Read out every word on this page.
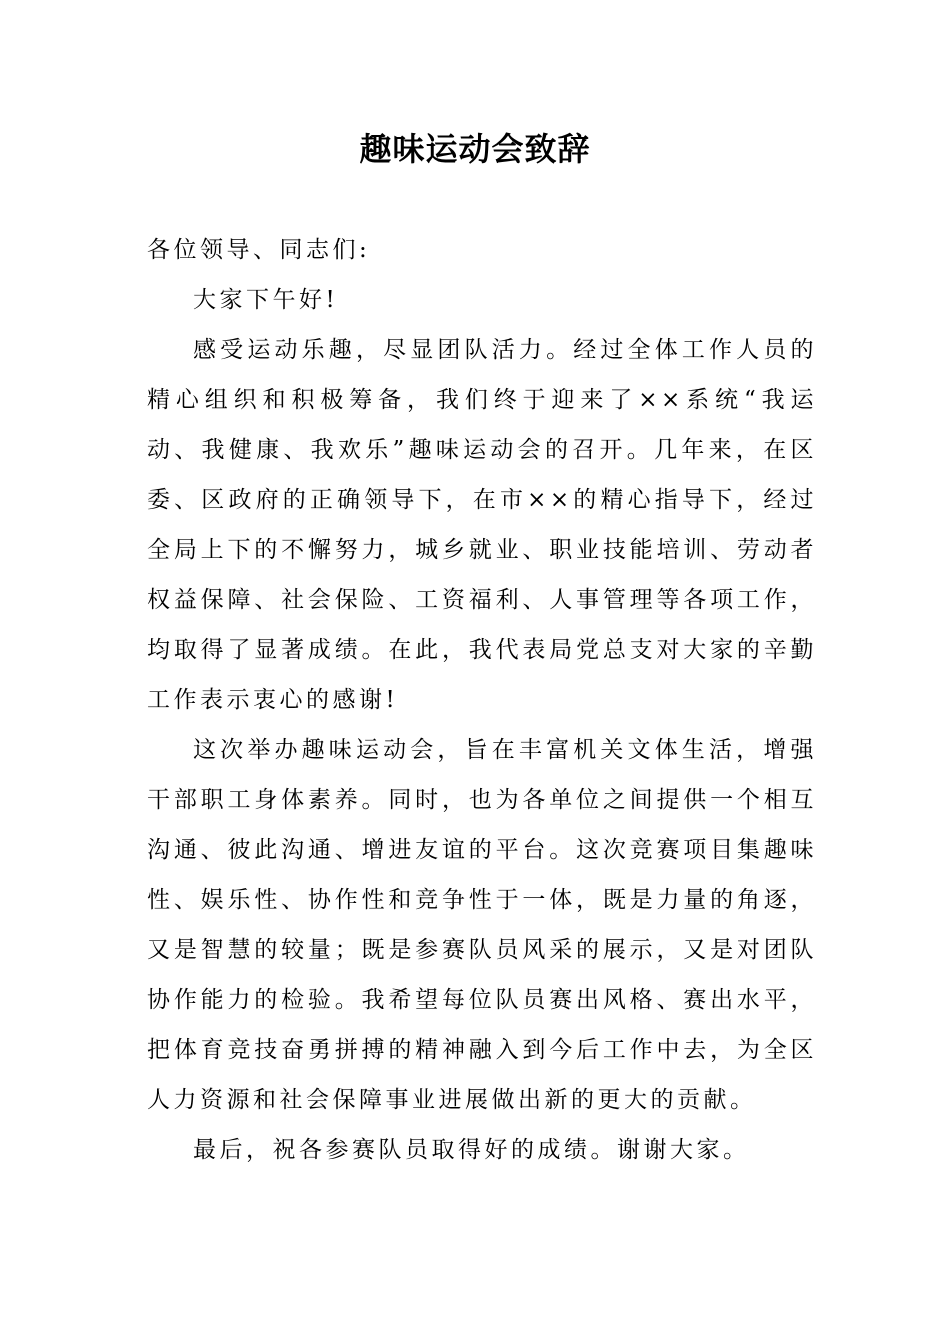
趣味运动会致辞

各位领导、同志们:

大家下午好!

感受运动乐趣，尽显团队活力。经过全体工作人员的精心组织和积极筹备，我们终于迎来了××系统“我运动、我健康、我欢乐”趣味运动会的召开。几年来，在区委、区政府的正确领导下，在市××的精心指导下，经过全局上下的不懈努力，城乡就业、职业技能培训、劳动者权益保障、社会保险、工资福利、人事管理等各项工作，均取得了显著成绩。在此，我代表局党总支对大家的辛勤工作表示衷心的感谢!

这次举办趣味运动会，旨在丰富机关文体生活，增强干部职工身体素养。同时，也为各单位之间提供一个相互沟通、彼此沟通、增进友谊的平台。这次竞赛项目集趣味性、娱乐性、协作性和竞争性于一体，既是力量的角逐，又是智慧的较量；既是参赛队员风采的展示，又是对团队协作能力的检验。我希望每位队员赛出风格、赛出水平，把体育竞技奋勇拼搏的精神融入到今后工作中去，为全区人力资源和社会保障事业进展做出新的更大的贡献。

最后，祝各参赛队员取得好的成绩。谢谢大家。
